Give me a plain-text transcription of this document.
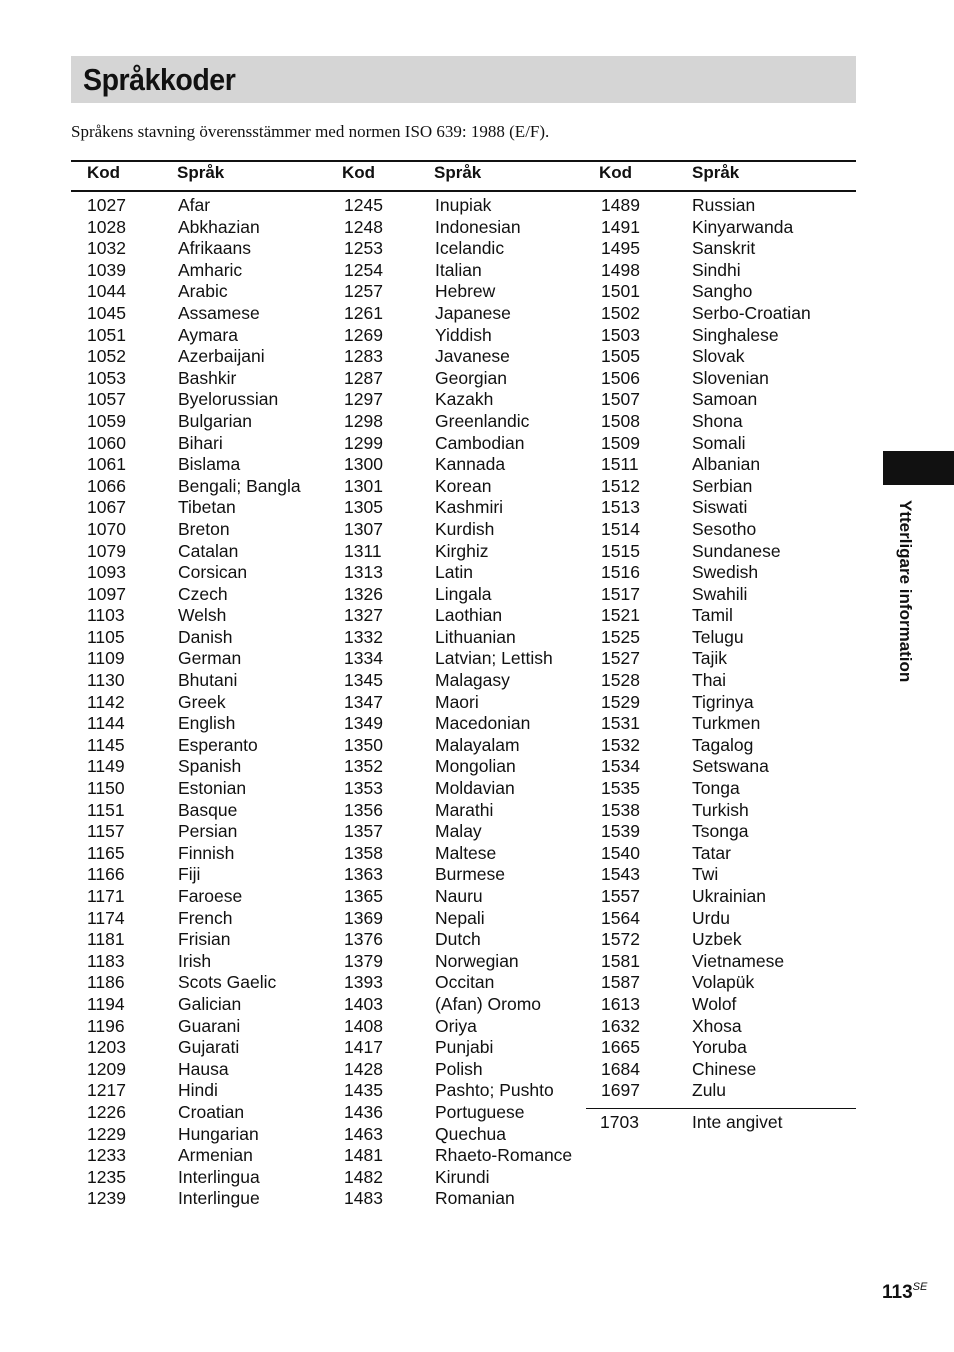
Språkkoder
Språkens stavning överensstämmer med normen ISO 639: 1988 (E/F).
Kod	Språk	Kod	Språk	Kod	Språk
1027	Afar
1028	Abkhazian
1032	Afrikaans
1039	Amharic
1044	Arabic
1045	Assamese
1051	Aymara
1052	Azerbaijani
1053	Bashkir
1057	Byelorussian
1059	Bulgarian
1060	Bihari
1061	Bislama
1066	Bengali; Bangla
1067	Tibetan
1070	Breton
1079	Catalan
1093	Corsican
1097	Czech
1103	Welsh
1105	Danish
1109	German
1130	Bhutani
1142	Greek
1144	English
1145	Esperanto
1149	Spanish
1150	Estonian
1151	Basque
1157	Persian
1165	Finnish
1166	Fiji
1171	Faroese
1174	French
1181	Frisian
1183	Irish
1186	Scots Gaelic
1194	Galician
1196	Guarani
1203	Gujarati
1209	Hausa
1217	Hindi
1226	Croatian
1229	Hungarian
1233	Armenian
1235	Interlingua
1239	Interlingue
1245	Inupiak
1248	Indonesian
1253	Icelandic
1254	Italian
1257	Hebrew
1261	Japanese
1269	Yiddish
1283	Javanese
1287	Georgian
1297	Kazakh
1298	Greenlandic
1299	Cambodian
1300	Kannada
1301	Korean
1305	Kashmiri
1307	Kurdish
1311	Kirghiz
1313	Latin
1326	Lingala
1327	Laothian
1332	Lithuanian
1334	Latvian; Lettish
1345	Malagasy
1347	Maori
1349	Macedonian
1350	Malayalam
1352	Mongolian
1353	Moldavian
1356	Marathi
1357	Malay
1358	Maltese
1363	Burmese
1365	Nauru
1369	Nepali
1376	Dutch
1379	Norwegian
1393	Occitan
1403	(Afan) Oromo
1408	Oriya
1417	Punjabi
1428	Polish
1435	Pashto; Pushto
1436	Portuguese
1463	Quechua
1481	Rhaeto-Romance
1482	Kirundi
1483	Romanian
1489	Russian
1491	Kinyarwanda
1495	Sanskrit
1498	Sindhi
1501	Sangho
1502	Serbo-Croatian
1503	Singhalese
1505	Slovak
1506	Slovenian
1507	Samoan
1508	Shona
1509	Somali
1511	Albanian
1512	Serbian
1513	Siswati
1514	Sesotho
1515	Sundanese
1516	Swedish
1517	Swahili
1521	Tamil
1525	Telugu
1527	Tajik
1528	Thai
1529	Tigrinya
1531	Turkmen
1532	Tagalog
1534	Setswana
1535	Tonga
1538	Turkish
1539	Tsonga
1540	Tatar
1543	Twi
1557	Ukrainian
1564	Urdu
1572	Uzbek
1581	Vietnamese
1587	Volapük
1613	Wolof
1632	Xhosa
1665	Yoruba
1684	Chinese
1697	Zulu
1703	Inte angivet
Ytterligare information
$113^{SE}$
